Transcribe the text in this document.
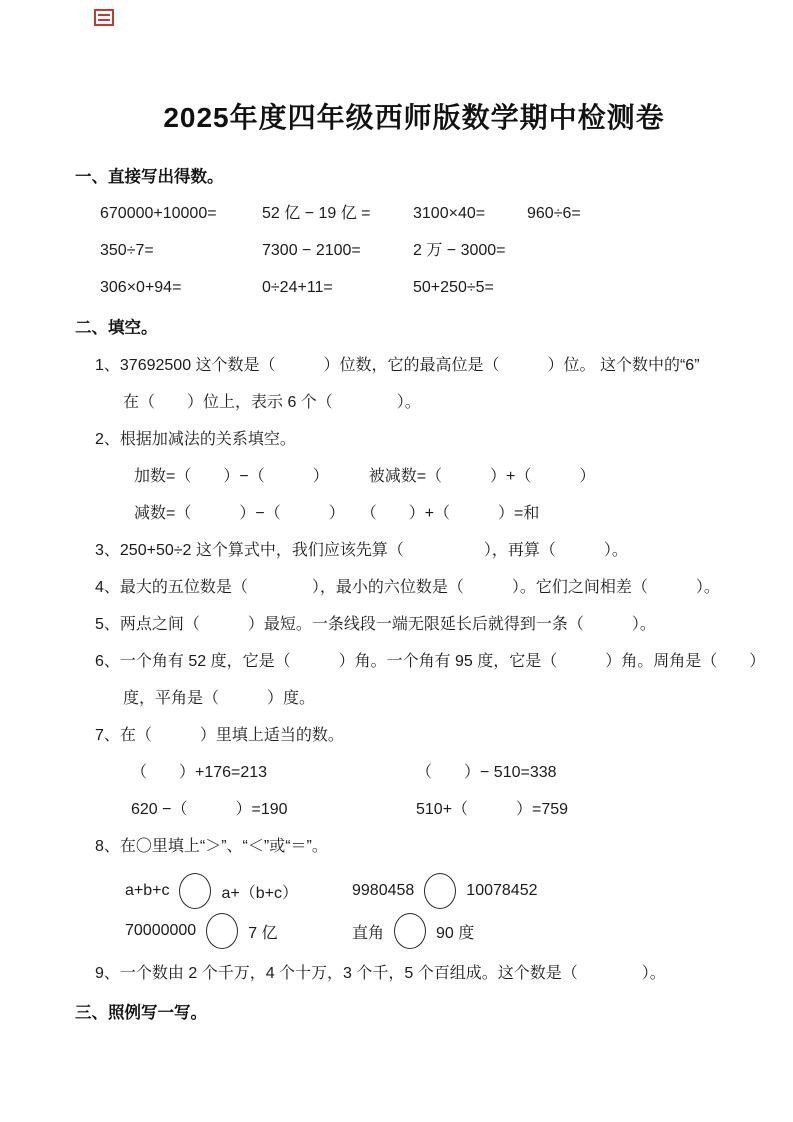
2025年度四年级西师版数学期中检测卷
一、直接写出得数。
670000+10000=	52 亿 − 19 亿 =	3100×40=	960÷6=
350÷7=	7300 − 2100=	2 万 − 3000=
306×0+94=	0÷24+11=	50+250÷5=
二、填空。
1、37692500 这个数是（　　　）位数，它的最高位是（　　　）位。 这个数中的“6”
在（　　）位上，表示 6 个（　　　　）。
2、根据加减法的关系填空。
加数=（　　）−（　　　）　　　被减数=（　　　）+（　　　）
减数=（　　　）−（　　　）　　（　　）+（　　　）=和
3、250+50÷2 这个算式中，我们应该先算（　　　　　），再算（　　　）。
4、最大的五位数是（　　　　），最小的六位数是（　　　）。它们之间相差（　　　）。
5、两点之间（　　　）最短。一条线段一端无限延长后就得到一条（　　　）。
6、一个角有 52 度，它是（　　　）角。一个角有 95 度，它是（　　　）角。周角是（　　）
度，平角是（　　　）度。
7、在（　　　）里填上适当的数。
（　　）+176=213	（　　）− 510=338
620 −（　　　）=190	510+（　　　）=759
8、在〇里填上“＞”、“＜”或“＝”。
a+b+c	a+（b+c）	9980458	10078452
70000000	7 亿	直角	90 度
9、一个数由 2 个千万，4 个十万，3 个千，5 个百组成。这个数是（　　　　）。
三、照例写一写。
